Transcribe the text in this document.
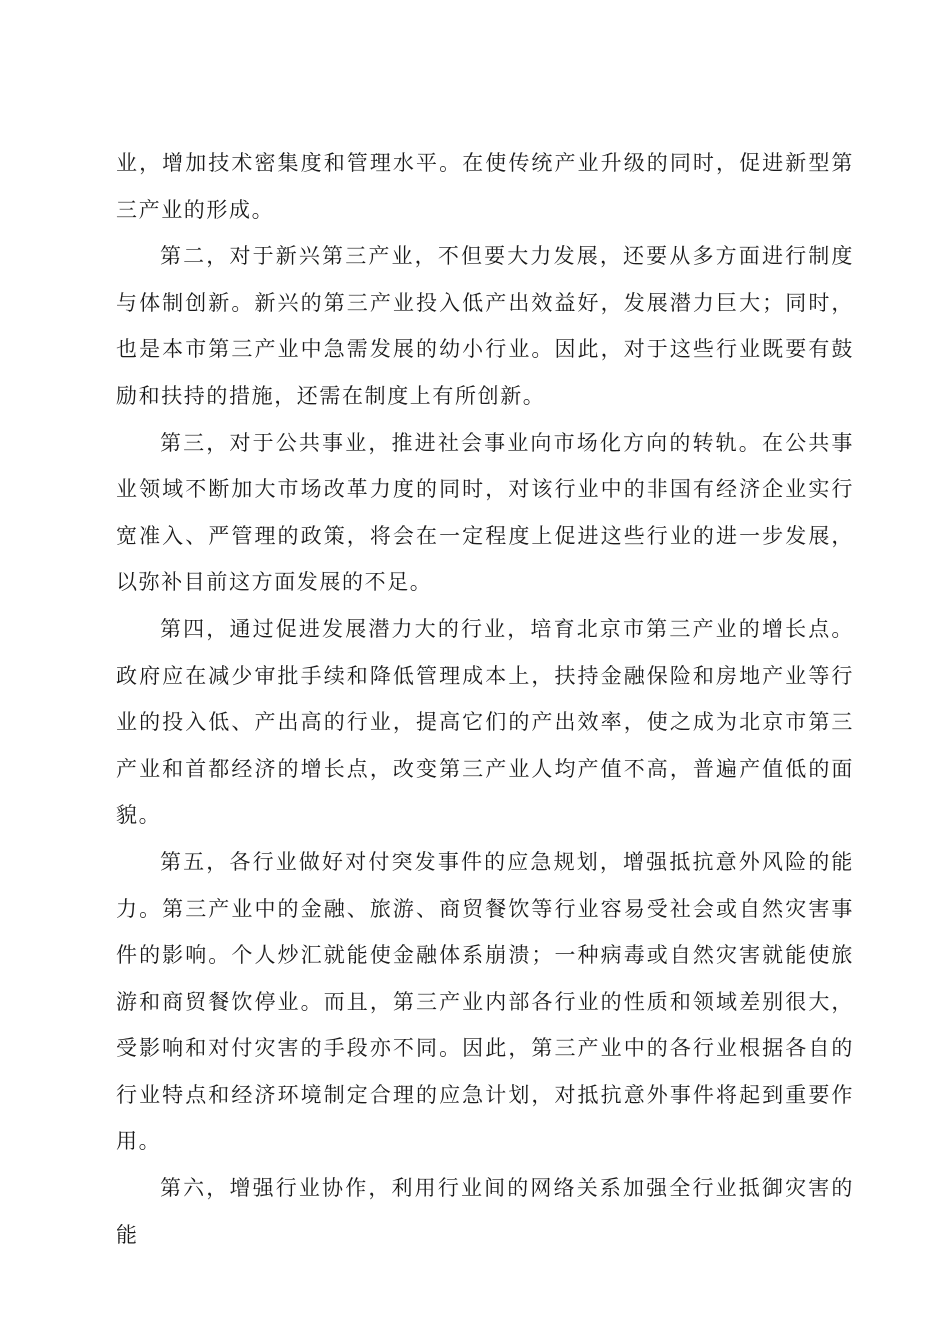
业，增加技术密集度和管理水平。在使传统产业升级的同时，促进新型第三产业的形成。

第二，对于新兴第三产业，不但要大力发展，还要从多方面进行制度与体制创新。新兴的第三产业投入低产出效益好，发展潜力巨大；同时，也是本市第三产业中急需发展的幼小行业。因此，对于这些行业既要有鼓励和扶持的措施，还需在制度上有所创新。

第三，对于公共事业，推进社会事业向市场化方向的转轨。在公共事业领域不断加大市场改革力度的同时，对该行业中的非国有经济企业实行宽准入、严管理的政策，将会在一定程度上促进这些行业的进一步发展，以弥补目前这方面发展的不足。

第四，通过促进发展潜力大的行业，培育北京市第三产业的增长点。政府应在减少审批手续和降低管理成本上，扶持金融保险和房地产业等行业的投入低、产出高的行业，提高它们的产出效率，使之成为北京市第三产业和首都经济的增长点，改变第三产业人均产值不高，普遍产值低的面貌。

第五，各行业做好对付突发事件的应急规划，增强抵抗意外风险的能力。第三产业中的金融、旅游、商贸餐饮等行业容易受社会或自然灾害事件的影响。个人炒汇就能使金融体系崩溃；一种病毒或自然灾害就能使旅游和商贸餐饮停业。而且，第三产业内部各行业的性质和领域差别很大，受影响和对付灾害的手段亦不同。因此，第三产业中的各行业根据各自的行业特点和经济环境制定合理的应急计划，对抵抗意外事件将起到重要作用。

第六，增强行业协作，利用行业间的网络关系加强全行业抵御灾害的能
